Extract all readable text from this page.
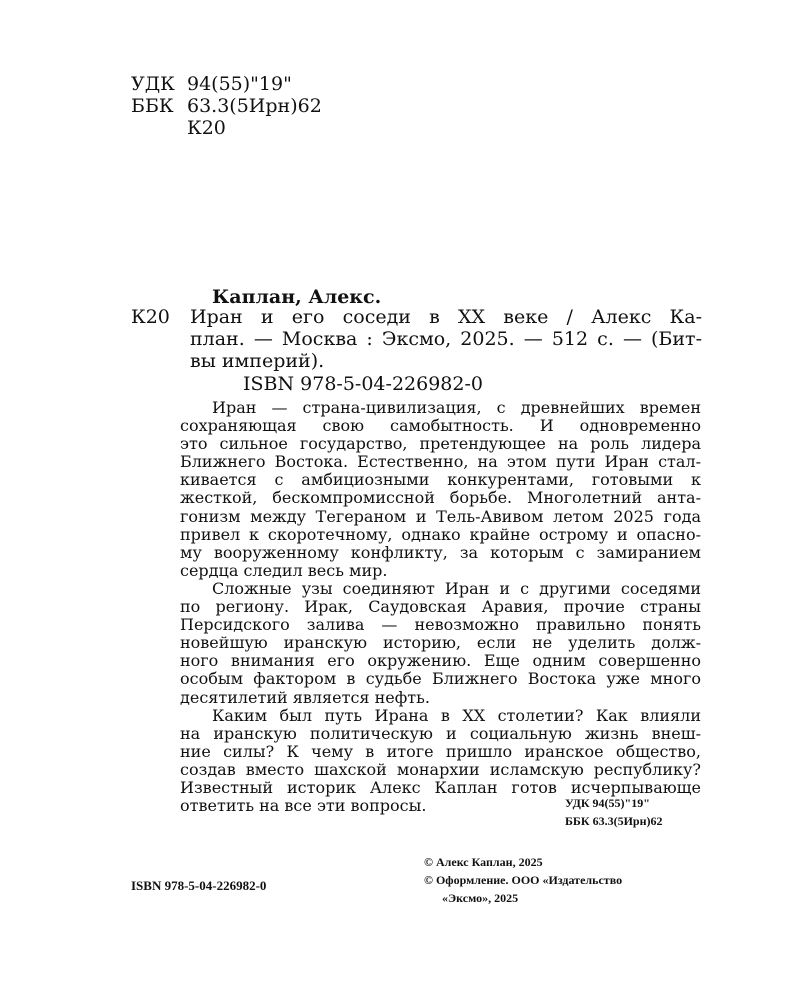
УДК 94(55)"19"
ББК 63.3(5Ирн)62
К20
Каплан, Алекс.
К20 Иран и его соседи в XX веке / Алекс Ка-
план. — Москва : Эксмо, 2025. — 512 с. — (Бит-
вы империй).
ISBN 978-5-04-226982-0
Иран — страна-цивилизация, с древнейших времен
сохраняющая свою самобытность. И одновременно
это сильное государство, претендующее на роль лидера
Ближнего Востока. Естественно, на этом пути Иран стал-
кивается с амбициозными конкурентами, готовыми к
жесткой, бескомпромиссной борьбе. Многолетний анта-
гонизм между Тегераном и Тель-Авивом летом 2025 года
привел к скоротечному, однако крайне острому и опасно-
му вооруженному конфликту, за которым с замиранием
сердца следил весь мир.
Сложные узы соединяют Иран и с другими соседями
по региону. Ирак, Саудовская Аравия, прочие страны
Персидского залива — невозможно правильно понять
новейшую иранскую историю, если не уделить долж-
ного внимания его окружению. Еще одним совершенно
особым фактором в судьбе Ближнего Востока уже много
десятилетий является нефть.
Каким был путь Ирана в XX столетии? Как влияли
на иранскую политическую и социальную жизнь внеш-
ние силы? К чему в итоге пришло иранское общество,
создав вместо шахской монархии исламскую республику?
Известный историк Алекс Каплан готов исчерпывающе
ответить на все эти вопросы.	УДК 94(55)"19"
ББК 63.3(5Ирн)62
© Алекс Каплан, 2025
© Оформление. ООО «Издательство
«Эксмо», 2025
ISBN 978-5-04-226982-0
